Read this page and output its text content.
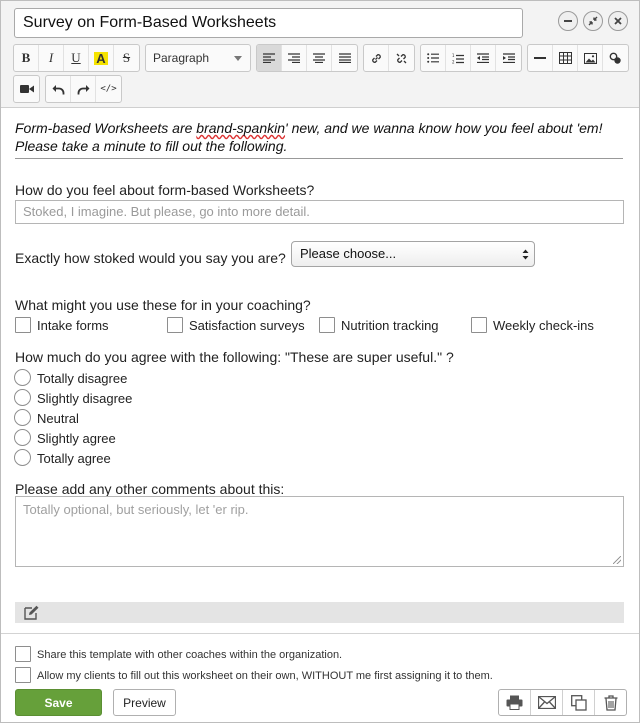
Survey on Form-Based Worksheets
B I U A S Paragraph	1
2
</>
Form-based Worksheets are brand-spankin' new, and we wanna know how you feel about 'em!
Please take a minute to fill out the following.
How do you feel about form-based Worksheets?
Stoked, I imagine. But please, go into more detail.
Exactly how stoked would you say you are?	Please choose...
What might you use these for in your coaching?
Intake forms	Satisfaction surveys	Nutrition tracking	Weekly check-ins
How much do you agree with the following: "These are super useful." ?
Totally disagree
Slightly disagree
Neutral
Slightly agree
Totally agree
Please add any other comments about this:
Totally optional, but seriously, let 'er rip.
Share this template with other coaches within the organization.
Allow my clients to fill out this worksheet on their own, WITHOUT me first assigning it to them.
Save	Preview
